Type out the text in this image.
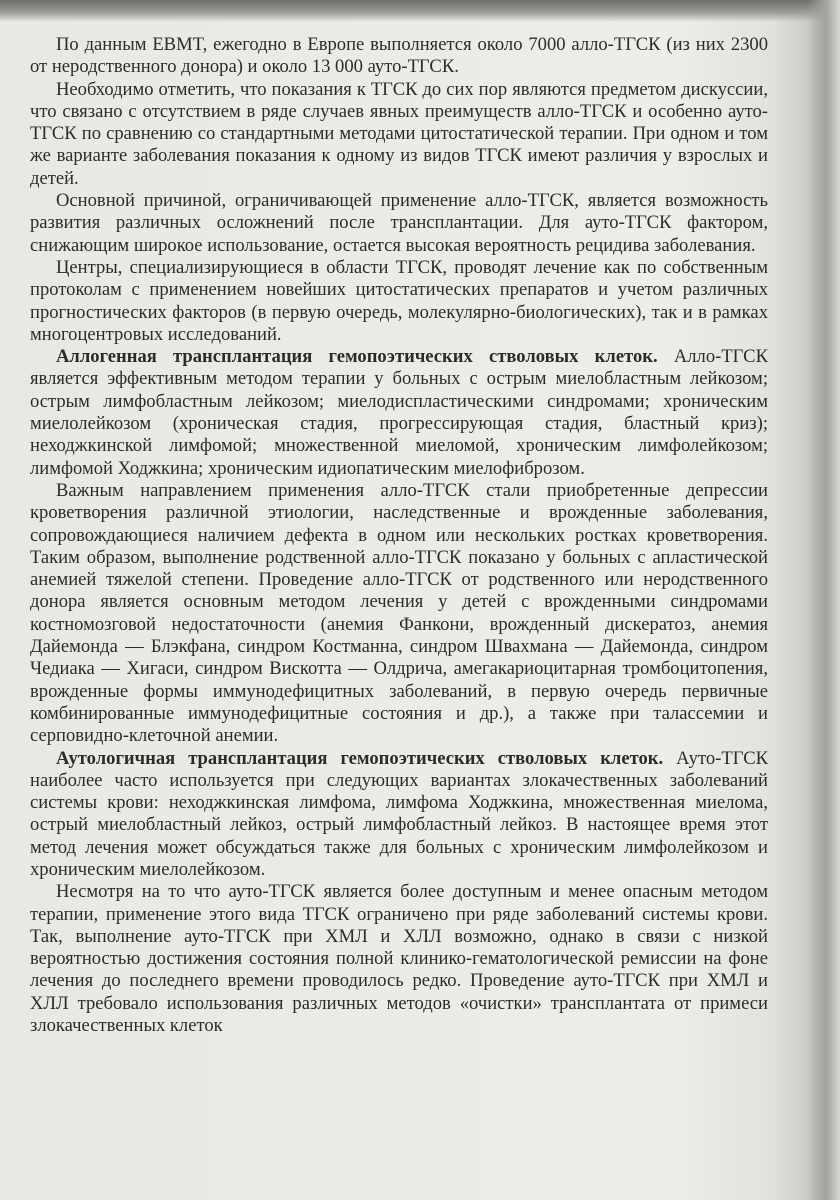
По данным EBMT, ежегодно в Европе выполняется около 7000 алло-ТГСК (из них 2300 от неродственного донора) и около 13 000 ауто-ТГСК.

Необходимо отметить, что показания к ТГСК до сих пор являются предметом дискуссии, что связано с отсутствием в ряде случаев явных преимуществ алло-ТГСК и особенно ауто-ТГСК по сравнению со стандартными методами цитостатической терапии. При одном и том же варианте заболевания показания к одному из видов ТГСК имеют различия у взрослых и детей.

Основной причиной, ограничивающей применение алло-ТГСК, является возможность развития различных осложнений после трансплантации. Для ауто-ТГСК фактором, снижающим широкое использование, остается высокая вероятность рецидива заболевания.

Центры, специализирующиеся в области ТГСК, проводят лечение как по собственным протоколам с применением новейших цитостатических препаратов и учетом различных прогностических факторов (в первую очередь, молекулярно-биологических), так и в рамках многоцентровых исследований.

Аллогенная трансплантация гемопоэтических стволовых клеток. Алло-ТГСК является эффективным методом терапии у больных с острым миелобластным лейкозом; острым лимфобластным лейкозом; миелодиспластическими синдромами; хроническим миелолейкозом (хроническая стадия, прогрессирующая стадия, бластный криз); неходжкинской лимфомой; множественной миеломой, хроническим лимфолейкозом; лимфомой Ходжкина; хроническим идиопатическим миелофиброзом.

Важным направлением применения алло-ТГСК стали приобретенные депрессии кроветворения различной этиологии, наследственные и врожденные заболевания, сопровождающиеся наличием дефекта в одном или нескольких ростках кроветворения. Таким образом, выполнение родственной алло-ТГСК показано у больных с апластической анемией тяжелой степени. Проведение алло-ТГСК от родственного или неродственного донора является основным методом лечения у детей с врожденными синдромами костномозговой недостаточности (анемия Фанкони, врожденный дискератоз, анемия Дайемонда — Блэкфана, синдром Костманна, синдром Швахмана — Дайемонда, синдром Чедиака — Хигаси, синдром Вискотта — Олдрича, амегакариоцитарная тромбоцитопения, врожденные формы иммунодефицитных заболеваний, в первую очередь первичные комбинированные иммунодефицитные состояния и др.), а также при талассемии и серповидно-клеточной анемии.

Аутологичная трансплантация гемопоэтических стволовых клеток. Ауто-ТГСК наиболее часто используется при следующих вариантах злокачественных заболеваний системы крови: неходжкинская лимфома, лимфома Ходжкина, множественная миелома, острый миелобластный лейкоз, острый лимфобластный лейкоз. В настоящее время этот метод лечения может обсуждаться также для больных с хроническим лимфолейкозом и хроническим миелолейкозом.

Несмотря на то что ауто-ТГСК является более доступным и менее опасным методом терапии, применение этого вида ТГСК ограничено при ряде заболеваний системы крови. Так, выполнение ауто-ТГСК при ХМЛ и ХЛЛ возможно, однако в связи с низкой вероятностью достижения состояния полной клинико-гематологической ремиссии на фоне лечения до последнего времени проводилось редко. Проведение ауто-ТГСК при ХМЛ и ХЛЛ требовало использования различных методов «очистки» трансплантата от примеси злокачественных клеток
